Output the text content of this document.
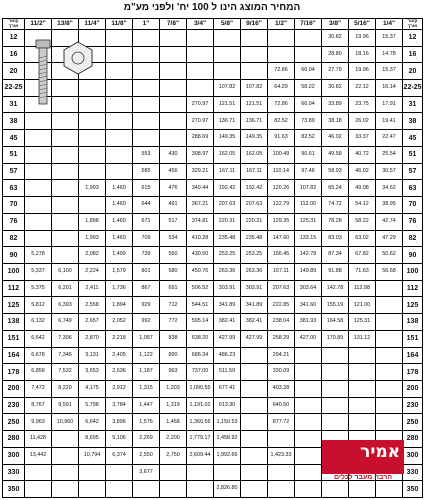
המחיר המוצג הינו ל 100 יח' ולפני מע"מ
קוטר
אורך	11/2"	13/8"	11/4"	11/8"	1"	7/8"	3/4"	5/8"	9/16"	1/2"	7/16"	3/8"	5/16"	1/4"	קוטר
אורך

12												30.82	19.96	15.37	12
16												28.80	18.16	14.78	16
20										72.86	66.04	27.79	19.96	15.37	20
22-25								107.82	107.82	64.29	58.22	30.82	22.12	16.14	22-25
31							270.97	121.51	121.51	72.86	66.04	33.89	23.75	17.91	31
38							270.97	136.71	136.71	82.52	73.89	38.18	26.02	19.41	38
45							288.69	149.35	149.35	91.63	82.52	46.02	33.37	22.47	45
51					553	430	308.97	162.05	162.05	100.49	90.61	49.58	40.72	25.54	51
57					585	456	329.21	167.11	167.11	110.14	97.46	58.93	46.02	30.57	57
63			1,993	1,460	615	476	349.44	192.42	192.42	120.26	107.82	65.24	49.08	34.62	63
70				1,460	644	491	367.21	207.63	207.63	122.79	112.00	74.72	54.12	38.95	70
76			1,898	1,460	671	517	374.81	220.31	220.31	129.35	125.31	78.28	58.22	42.74	76
82			1,993	1,460	709	534	410.28	235.48	235.48	147.60	133.15	83.03	63.02	47.29	82
90	5,278		2,082	1,499	739	560	430.50	253.25	253.25	156.45	142.78	87.34	67.82	50.62	90
100	5,337	6,100	2,224	1,579	801	580	450.76	263.36	263.36	167.11	149.89	91.88	71.63	56.68	100
112	5,375	6,201	2,411	1,736	867	691	506.52	303.91	303.91	207.63	303.64	142.78	112.88		112
125	5,812	6,393	2,558	1,894	929	712	544.51	341.89	341.89	222.85	341.60	155.19	121.00		125
138	6,132	6,749	2,657	2,052	992	772	595.14	382.41	382.41	238.04	381.93	164.58	125.31		138
151	6,642	7,306	2,870	2,218	1,057	838	638.20	427.99	427.99	258.29	427.00	170.89	131.12		151
164	6,678	7,346	3,131	2,405	1,122	890	686.34	486.23		294.21					164
178	6,856	7,532	3,653	2,636	1,187	963	737.00	511.59		330.09					178
200	7,472	8,220	4,175	2,912	1,315	1,203	1,090.55	677.41		403.28					200
230	8,767	9,591	5,798	3,784	1,447	1,319	1,191.02	913.30		640.50					230
250	9,963	10,960	6,642	3,896	1,576	1,468	1,360.56	1,150.53		877.72					250
280	11,428		8,695	5,106	2,269	2,200	1,779.17	1,458.92							280
300	13,442		10,794	6,374	2,550	2,750	2,609.44	1,992.66		1,423.33					300
330					3,677										330
350								2,826.80							350
אמיר
הרבה מעבר לכלים
